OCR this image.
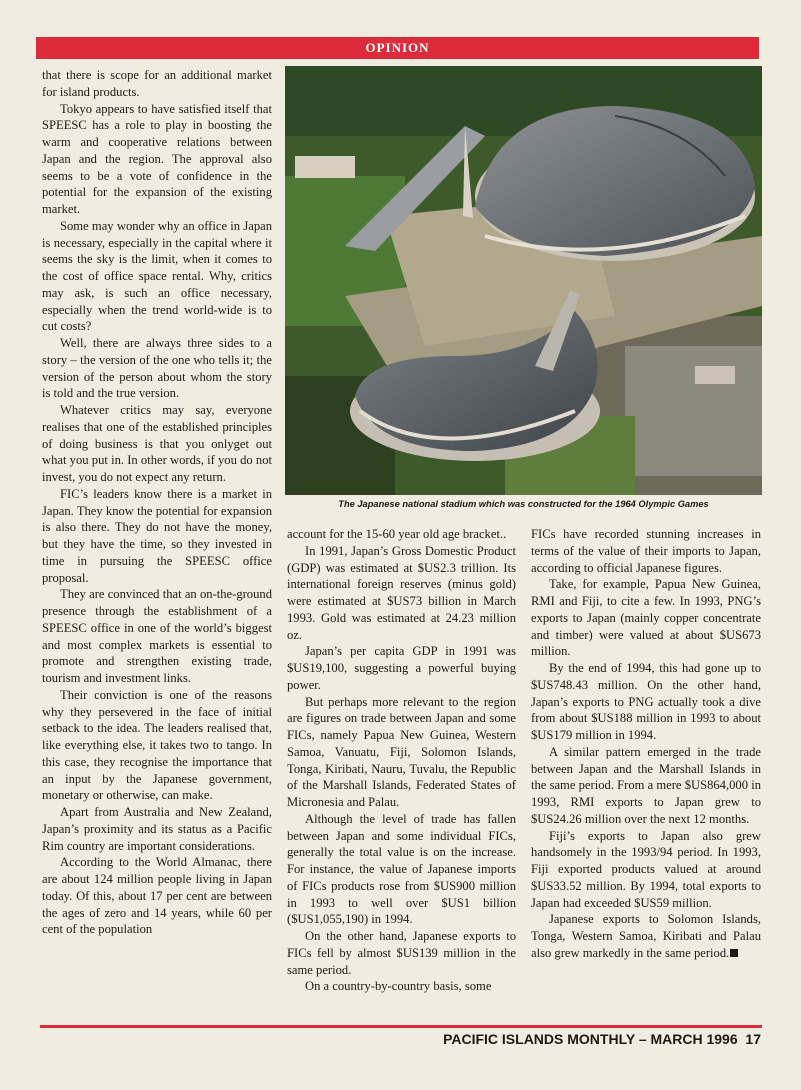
OPINION

that there is scope for an additional market for island products.

Tokyo appears to have satisfied itself that SPEESC has a role to play in boosting the warm and cooperative relations between Japan and the region. The approval also seems to be a vote of confidence in the potential for the expansion of the existing market.

Some may wonder why an office in Japan is necessary, especially in the capital where it seems the sky is the limit, when it comes to the cost of office space rental. Why, critics may ask, is such an office necessary, especially when the trend world-wide is to cut costs?

Well, there are always three sides to a story – the version of the one who tells it; the version of the person about whom the story is told and the true version.

Whatever critics may say, everyone realises that one of the established principles of doing business is that you onlyget out what you put in. In other words, if you do not invest, you do not expect any return.

FIC’s leaders know there is a market in Japan. They know the potential for expansion is also there. They do not have the money, but they have the time, so they invested in time in pursuing the SPEESC office proposal.

They are convinced that an on-the-ground presence through the establishment of a SPEESC office in one of the world’s biggest and most complex markets is essential to promote and strengthen existing trade, tourism and investment links.

Their conviction is one of the reasons why they persevered in the face of initial setback to the idea. The leaders realised that, like everything else, it takes two to tango. In this case, they recognise the importance that an input by the Japanese government, monetary or otherwise, can make.

Apart from Australia and New Zealand, Japan’s proximity and its status as a Pacific Rim country are important considerations.

According to the World Almanac, there are about 124 million people living in Japan today. Of this, about 17 per cent are between the ages of zero and 14 years, while 60 per cent of the population

The Japanese national stadium which was constructed for the 1964 Olympic Games

account for the 15-60 year old age bracket..

In 1991, Japan’s Gross Domestic Product (GDP) was estimated at $US2.3 trillion. Its international foreign reserves (minus gold) were estimated at $US73 billion in March 1993. Gold was estimated at 24.23 million oz.

Japan’s per capita GDP in 1991 was $US19,100, suggesting a powerful buying power.

But perhaps more relevant to the region are figures on trade between Japan and some FICs, namely Papua New Guinea, Western Samoa, Vanuatu, Fiji, Solomon Islands, Tonga, Kiribati, Nauru, Tuvalu, the Republic of the Marshall Islands, Federated States of Micronesia and Palau.

Although the level of trade has fallen between Japan and some individual FICs, generally the total value is on the increase. For instance, the value of Japanese imports of FICs products rose from $US900 million in 1993 to well over $US1 billion ($US1,055,190) in 1994.

On the other hand, Japanese exports to FICs fell by almost $US139 million in the same period.

On a country-by-country basis, some

FICs have recorded stunning increases in terms of the value of their imports to Japan, according to official Japanese figures.

Take, for example, Papua New Guinea, RMI and Fiji, to cite a few. In 1993, PNG’s exports to Japan (mainly copper concentrate and timber) were valued at about $US673 million.

By the end of 1994, this had gone up to $US748.43 million. On the other hand, Japan’s exports to PNG actually took a dive from about $US188 million in 1993 to about $US179 million in 1994.

A similar pattern emerged in the trade between Japan and the Marshall Islands in the same period. From a mere $US864,000 in 1993, RMI exports to Japan grew to $US24.26 million over the next 12 months.

Fiji’s exports to Japan also grew handsomely in the 1993/94 period. In 1993, Fiji exported products valued at around $US33.52 million. By 1994, total exports to Japan had exceeded $US59 million.

Japanese exports to Solomon Islands, Tonga, Western Samoa, Kiribati and Palau also grew markedly in the same period.

PACIFIC ISLANDS MONTHLY – MARCH 1996 17
